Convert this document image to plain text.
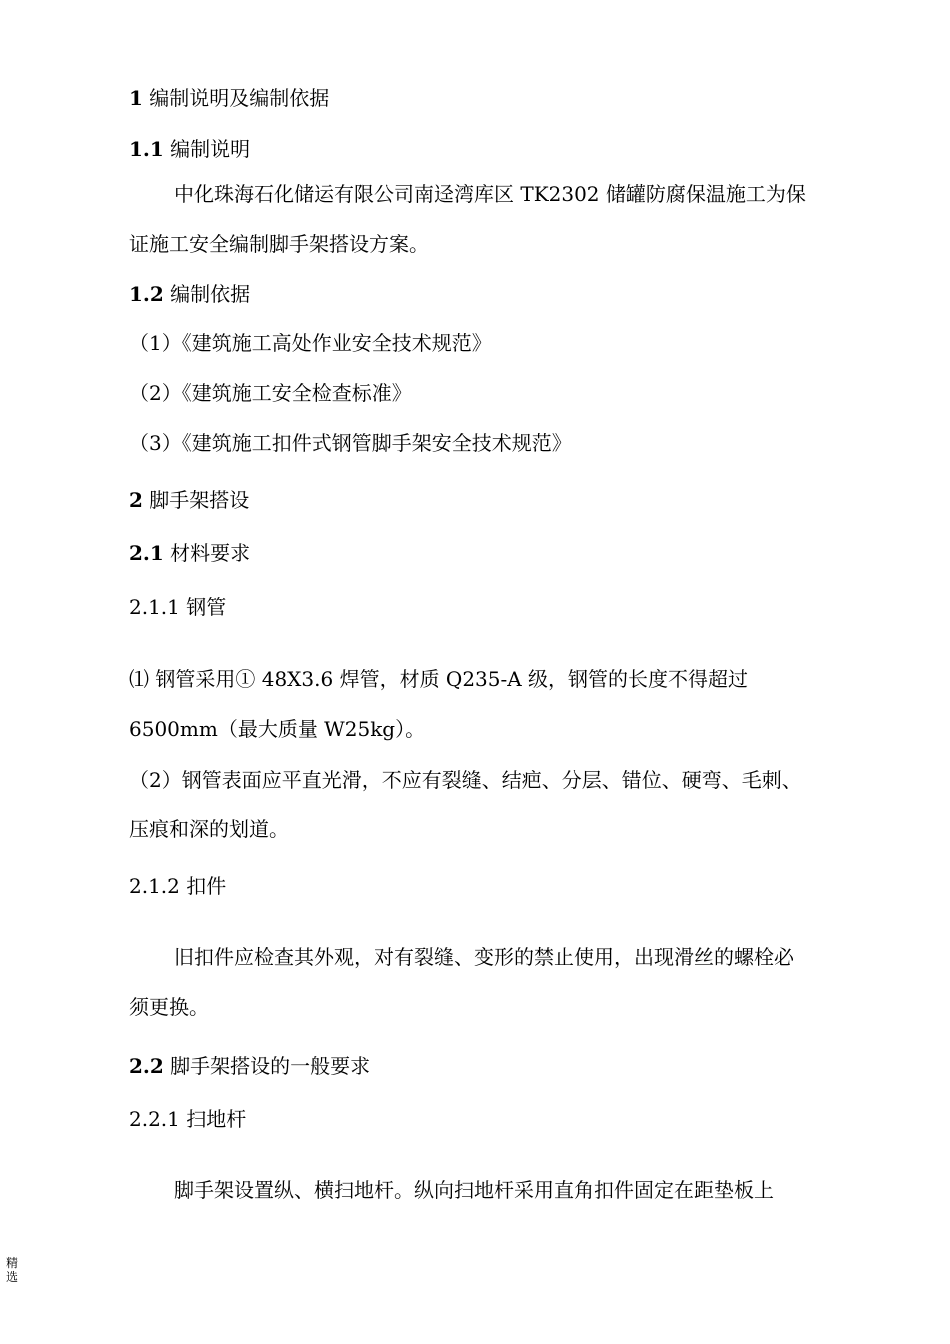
1 编制说明及编制依据
1.1 编制说明
中化珠海石化储运有限公司南迳湾库区 TK2302 储罐防腐保温施工为保
证施工安全编制脚手架搭设方案。
1.2 编制依据
（1）《建筑施工高处作业安全技术规范》
（2）《建筑施工安全检查标准》
（3）《建筑施工扣件式钢管脚手架安全技术规范》
2 脚手架搭设
2.1 材料要求
2.1.1 钢管
⑴ 钢管采用① 48X3.6 焊管，材质 Q235-A 级，钢管的长度不得超过
6500mm（最大质量 W25kg）。
（2）钢管表面应平直光滑，不应有裂缝、结疤、分层、错位、硬弯、毛刺、
压痕和深的划道。
2.1.2 扣件
旧扣件应检查其外观，对有裂缝、变形的禁止使用，出现滑丝的螺栓必
须更换。
2.2 脚手架搭设的一般要求
2.2.1 扫地杆
脚手架设置纵、横扫地杆。纵向扫地杆采用直角扣件固定在距垫板上
精选
